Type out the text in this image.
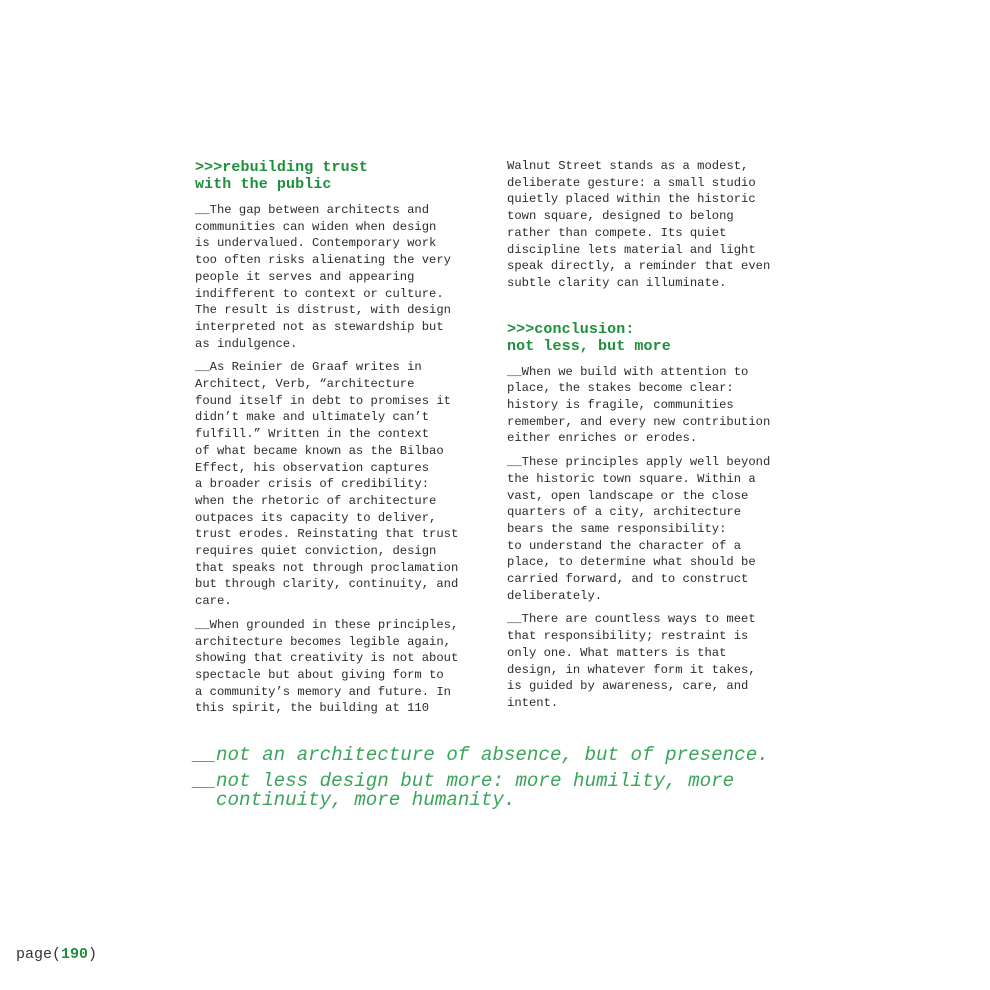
>>>rebuilding trust
with the public

__The gap between architects and
communities can widen when design
is undervalued. Contemporary work
too often risks alienating the very
people it serves and appearing
indifferent to context or culture.
The result is distrust, with design
interpreted not as stewardship but
as indulgence.

__As Reinier de Graaf writes in
Architect, Verb, “architecture
found itself in debt to promises it
didn’t make and ultimately can’t
fulfill.” Written in the context
of what became known as the Bilbao
Effect, his observation captures
a broader crisis of credibility:
when the rhetoric of architecture
outpaces its capacity to deliver,
trust erodes. Reinstating that trust
requires quiet conviction, design
that speaks not through proclamation
but through clarity, continuity, and
care.

__When grounded in these principles,
architecture becomes legible again,
showing that creativity is not about
spectacle but about giving form to
a community’s memory and future. In
this spirit, the building at 110

Walnut Street stands as a modest,
deliberate gesture: a small studio
quietly placed within the historic
town square, designed to belong
rather than compete. Its quiet
discipline lets material and light
speak directly, a reminder that even
subtle clarity can illuminate.

>>>conclusion:
not less, but more

__When we build with attention to
place, the stakes become clear:
history is fragile, communities
remember, and every new contribution
either enriches or erodes.

__These principles apply well beyond
the historic town square. Within a
vast, open landscape or the close
quarters of a city, architecture
bears the same responsibility:
to understand the character of a
place, to determine what should be
carried forward, and to construct
deliberately.

__There are countless ways to meet
that responsibility; restraint is
only one. What matters is that
design, in whatever form it takes,
is guided by awareness, care, and
intent.

__ not an architecture of absence, but of presence.
__ not less design but more: more humility, more
continuity, more humanity.
page(190)
